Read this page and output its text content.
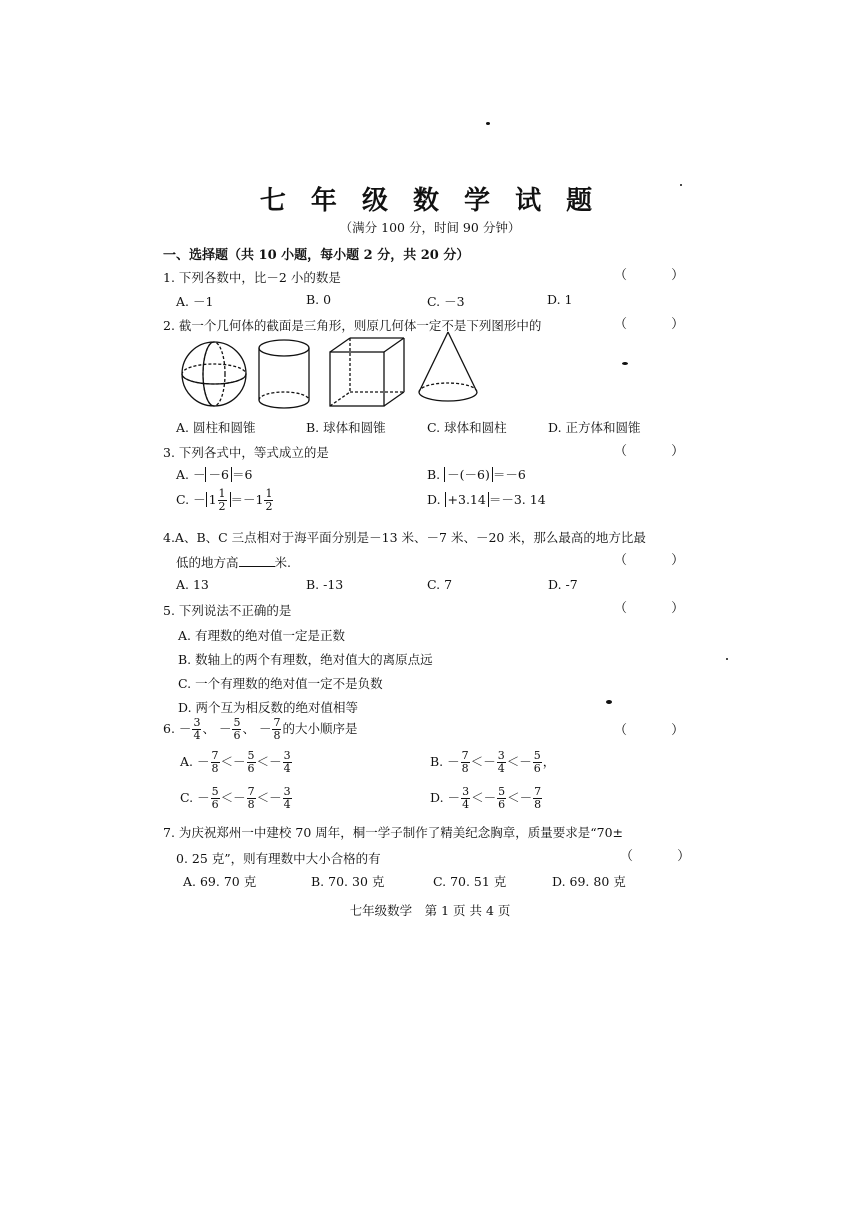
七 年 级 数 学 试 题
（满分 100 分，时间 90 分钟）
一、选择题（共 10 小题，每小题 2 分，共 20 分）
1. 下列各数中，比－2 小的数是	（ ）
A. －1	B. 0	C. －3	D. 1
2. 截一个几何体的截面是三角形，则原几何体一定不是下列图形中的	（ ）
A. 圆柱和圆锥	B. 球体和圆锥	C. 球体和圆柱	D. 正方体和圆锥
3. 下列各式中，等式成立的是	（ ）
A. － －6 ＝6	B. －(－6) ＝－6
C. － $1 \frac{1}{2} =-1 \frac{1}{2}$	D. +3.14 ＝－3. 14
4.A、B、C 三点相对于海平面分别是－13 米、－7 米、－20 米，那么最高的地方比最
低的地方高	米.	（ ）
A. 13	B. -13	C. 7	D. -7
5. 下列说法不正确的是	（ ）
A. 有理数的绝对值一定是正数
B. 数轴上的两个有理数，绝对值大的离原点远
C. 一个有理数的绝对值一定不是负数
D. 两个互为相反数的绝对值相等
6. － $\frac{3}{4}$ 、 － $\frac{5}{6}$ 、 － $\frac{7}{8}$ 的大小顺序是	（ ）
A. － $\frac{7}{8} <- \frac{5}{6} <- \frac{3}{4}$	B. － $\frac{7}{8} <- \frac{3}{4} <- \frac{5}{6}$ ，
C. － $\frac{5}{6} <- \frac{7}{8} <- \frac{3}{4}$	D. － $\frac{3}{4} <- \frac{5}{6} <- \frac{7}{8}$
7. 为庆祝郑州一中建校 70 周年，桐一学子制作了精美纪念胸章，质量要求是“70±
0. 25 克”，则有理数中大小合格的有	（ ）
A. 69. 70 克	B. 70. 30 克	C. 70. 51 克	D. 69. 80 克
七年级数学　第 1 页 共 4 页
